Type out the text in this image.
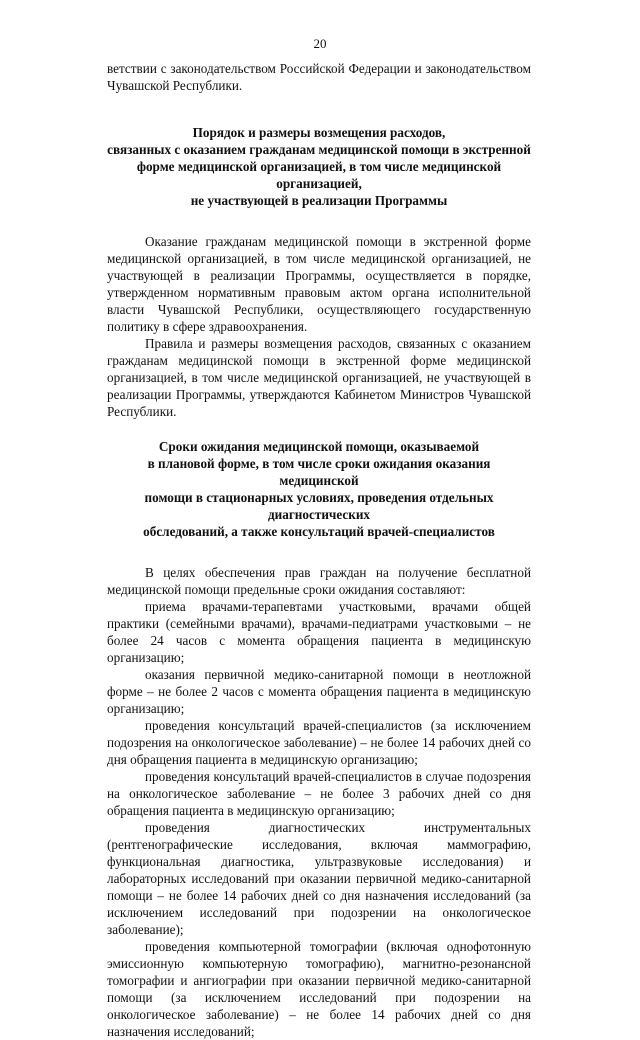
20

ветствии с законодательством Российской Федерации и законодательством Чувашской Республики.

Порядок и размеры возмещения расходов,
связанных с оказанием гражданам медицинской помощи в экстренной
форме медицинской организацией, в том числе медицинской организацией,
не участвующей в реализации Программы

Оказание гражданам медицинской помощи в экстренной форме медицинской организацией, в том числе медицинской организацией, не участвующей в реализации Программы, осуществляется в порядке, утвержденном нормативным правовым актом органа исполнительной власти Чувашской Республики, осуществляющего государственную политику в сфере здравоохранения.

Правила и размеры возмещения расходов, связанных с оказанием гражданам медицинской помощи в экстренной форме медицинской организацией, в том числе медицинской организацией, не участвующей в реализации Программы, утверждаются Кабинетом Министров Чувашской Республики.

Сроки ожидания медицинской помощи, оказываемой
в плановой форме, в том числе сроки ожидания оказания медицинской
помощи в стационарных условиях, проведения отдельных диагностических
обследований, а также консультаций врачей-специалистов

В целях обеспечения прав граждан на получение бесплатной медицинской помощи предельные сроки ожидания составляют:

приема врачами-терапевтами участковыми, врачами общей практики (семейными врачами), врачами-педиатрами участковыми – не более 24 часов с момента обращения пациента в медицинскую организацию;

оказания первичной медико-санитарной помощи в неотложной форме – не более 2 часов с момента обращения пациента в медицинскую организацию;

проведения консультаций врачей-специалистов (за исключением подозрения на онкологическое заболевание) – не более 14 рабочих дней со дня обращения пациента в медицинскую организацию;

проведения консультаций врачей-специалистов в случае подозрения на онкологическое заболевание – не более 3 рабочих дней со дня обращения пациента в медицинскую организацию;

проведения диагностических инструментальных (рентгенографические исследования, включая маммографию, функциональная диагностика, ультразвуковые исследования) и лабораторных исследований при оказании первичной медико-санитарной помощи – не более 14 рабочих дней со дня назначения исследований (за исключением исследований при подозрении на онкологическое заболевание);

проведения компьютерной томографии (включая однофотонную эмиссионную компьютерную томографию), магнитно-резонансной томографии и ангиографии при оказании первичной медико-санитарной помощи (за исключением исследований при подозрении на онкологическое заболевание) – не более 14 рабочих дней со дня назначения исследований;
